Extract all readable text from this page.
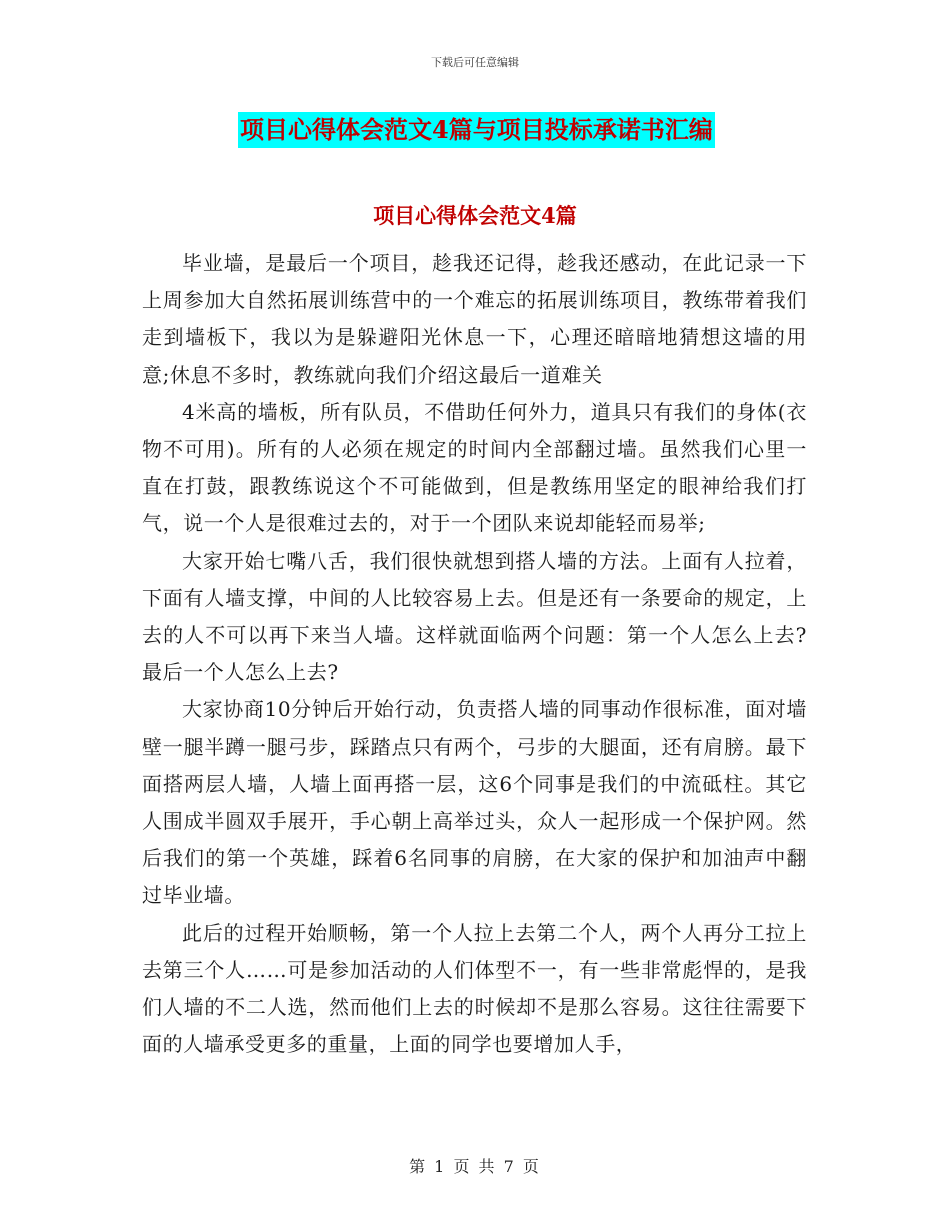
下载后可任意编辑
项目心得体会范文4篇与项目投标承诺书汇编
项目心得体会范文4篇

毕业墙，是最后一个项目，趁我还记得，趁我还感动，在此记录一下上周参加大自然拓展训练营中的一个难忘的拓展训练项目，教练带着我们走到墙板下，我以为是躲避阳光休息一下，心理还暗暗地猜想这墙的用意;休息不多时，教练就向我们介绍这最后一道难关

4米高的墙板，所有队员，不借助任何外力，道具只有我们的身体(衣物不可用)。所有的人必须在规定的时间内全部翻过墙。虽然我们心里一直在打鼓，跟教练说这个不可能做到，但是教练用坚定的眼神给我们打气，说一个人是很难过去的，对于一个团队来说却能轻而易举;

大家开始七嘴八舌，我们很快就想到搭人墙的方法。上面有人拉着，下面有人墙支撑，中间的人比较容易上去。但是还有一条要命的规定，上去的人不可以再下来当人墙。这样就面临两个问题：第一个人怎么上去?最后一个人怎么上去?

大家协商10分钟后开始行动，负责搭人墙的同事动作很标准，面对墙壁一腿半蹲一腿弓步，踩踏点只有两个，弓步的大腿面，还有肩膀。最下面搭两层人墙，人墙上面再搭一层，这6个同事是我们的中流砥柱。其它人围成半圆双手展开，手心朝上高举过头，众人一起形成一个保护网。然后我们的第一个英雄，踩着6名同事的肩膀，在大家的保护和加油声中翻过毕业墙。

此后的过程开始顺畅，第一个人拉上去第二个人，两个人再分工拉上去第三个人……可是参加活动的人们体型不一，有一些非常彪悍的，是我们人墙的不二人选，然而他们上去的时候却不是那么容易。这往往需要下面的人墙承受更多的重量，上面的同学也要增加人手，

第 1 页 共 7 页
